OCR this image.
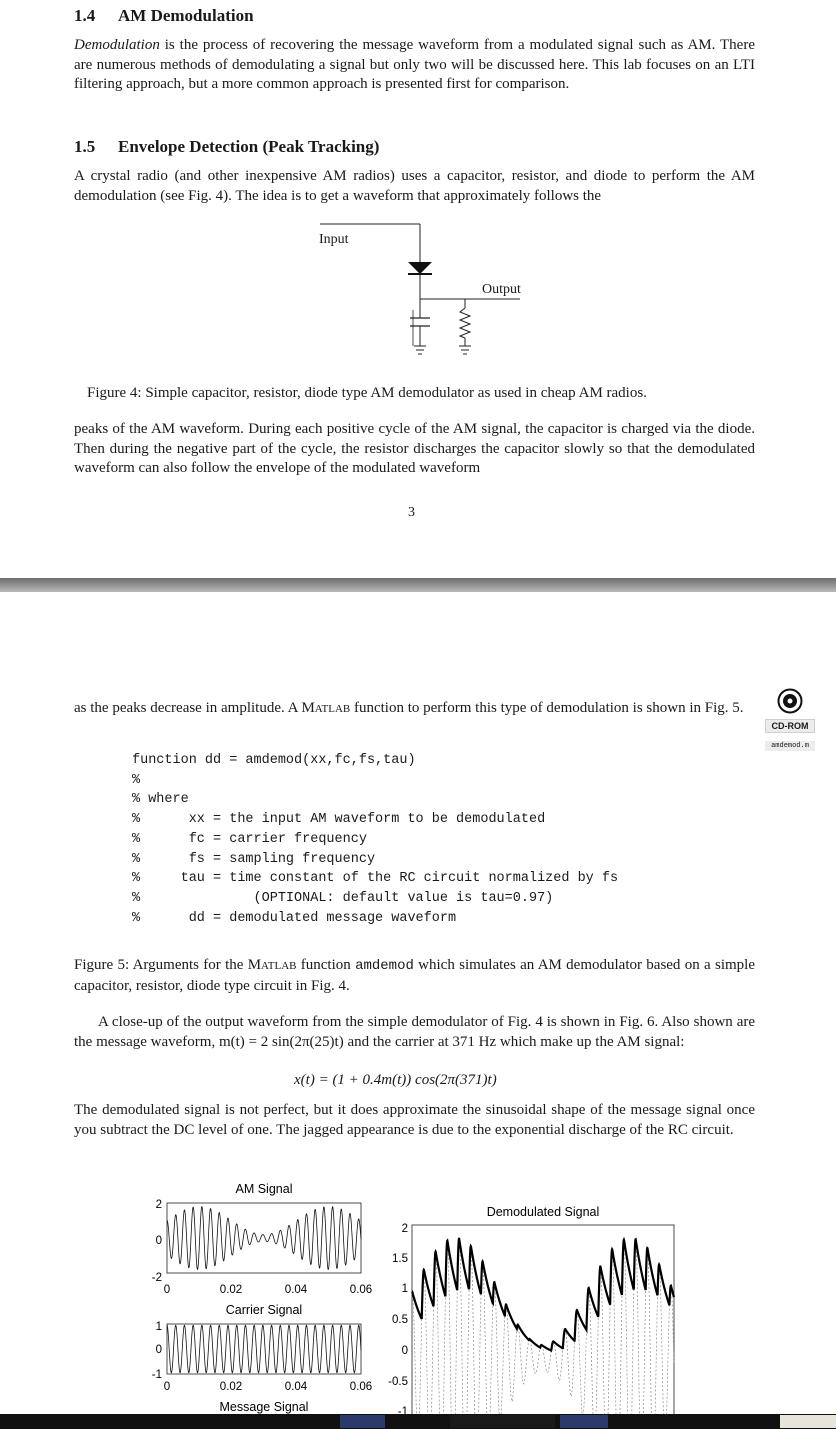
1.4 AM Demodulation

Demodulation is the process of recovering the message waveform from a modulated signal such as AM. There are numerous methods of demodulating a signal but only two will be discussed here. This lab focuses on an LTI filtering approach, but a more common approach is presented first for comparison.

1.5 Envelope Detection (Peak Tracking)

A crystal radio (and other inexpensive AM radios) uses a capacitor, resistor, and diode to perform the AM demodulation (see Fig. 4). The idea is to get a waveform that approximately follows the

Input
Output

Figure 4: Simple capacitor, resistor, diode type AM demodulator as used in cheap AM radios.

peaks of the AM waveform. During each positive cycle of the AM signal, the capacitor is charged via the diode. Then during the negative part of the cycle, the resistor discharges the capacitor slowly so that the demodulated waveform can also follow the envelope of the modulated waveform

3

as the peaks decrease in amplitude. A Matlab function to perform this type of demodulation is shown in Fig. 5.

CD-ROM
amdemod.m
function dd = amdemod(xx,fc,fs,tau)
%
% where
%      xx = the input AM waveform to be demodulated
%      fc = carrier frequency
%      fs = sampling frequency
%     tau = time constant of the RC circuit normalized by fs
%              (OPTIONAL: default value is tau=0.97)
%      dd = demodulated message waveform

Figure 5: Arguments for the Matlab function amdemod which simulates an AM demodulator based on a simple capacitor, resistor, diode type circuit in Fig. 4.

A close-up of the output waveform from the simple demodulator of Fig. 4 is shown in Fig. 6. Also shown are the message waveform, m(t) = 2 sin(2π(25)t) and the carrier at 371 Hz which make up the AM signal:

x(t) = (1 + 0.4m(t)) cos(2π(371)t)

The demodulated signal is not perfect, but it does approximate the sinusoidal shape of the message signal once you subtract the DC level of one. The jagged appearance is due to the exponential discharge of the RC circuit.

AM Signal
2
0
-2
0	0.02	0.04	0.06
Carrier Signal
1
0
-1
0	0.02	0.04	0.06
Message Signal
Demodulated Signal
2
1.5
1
0.5
0
-0.5
-1
